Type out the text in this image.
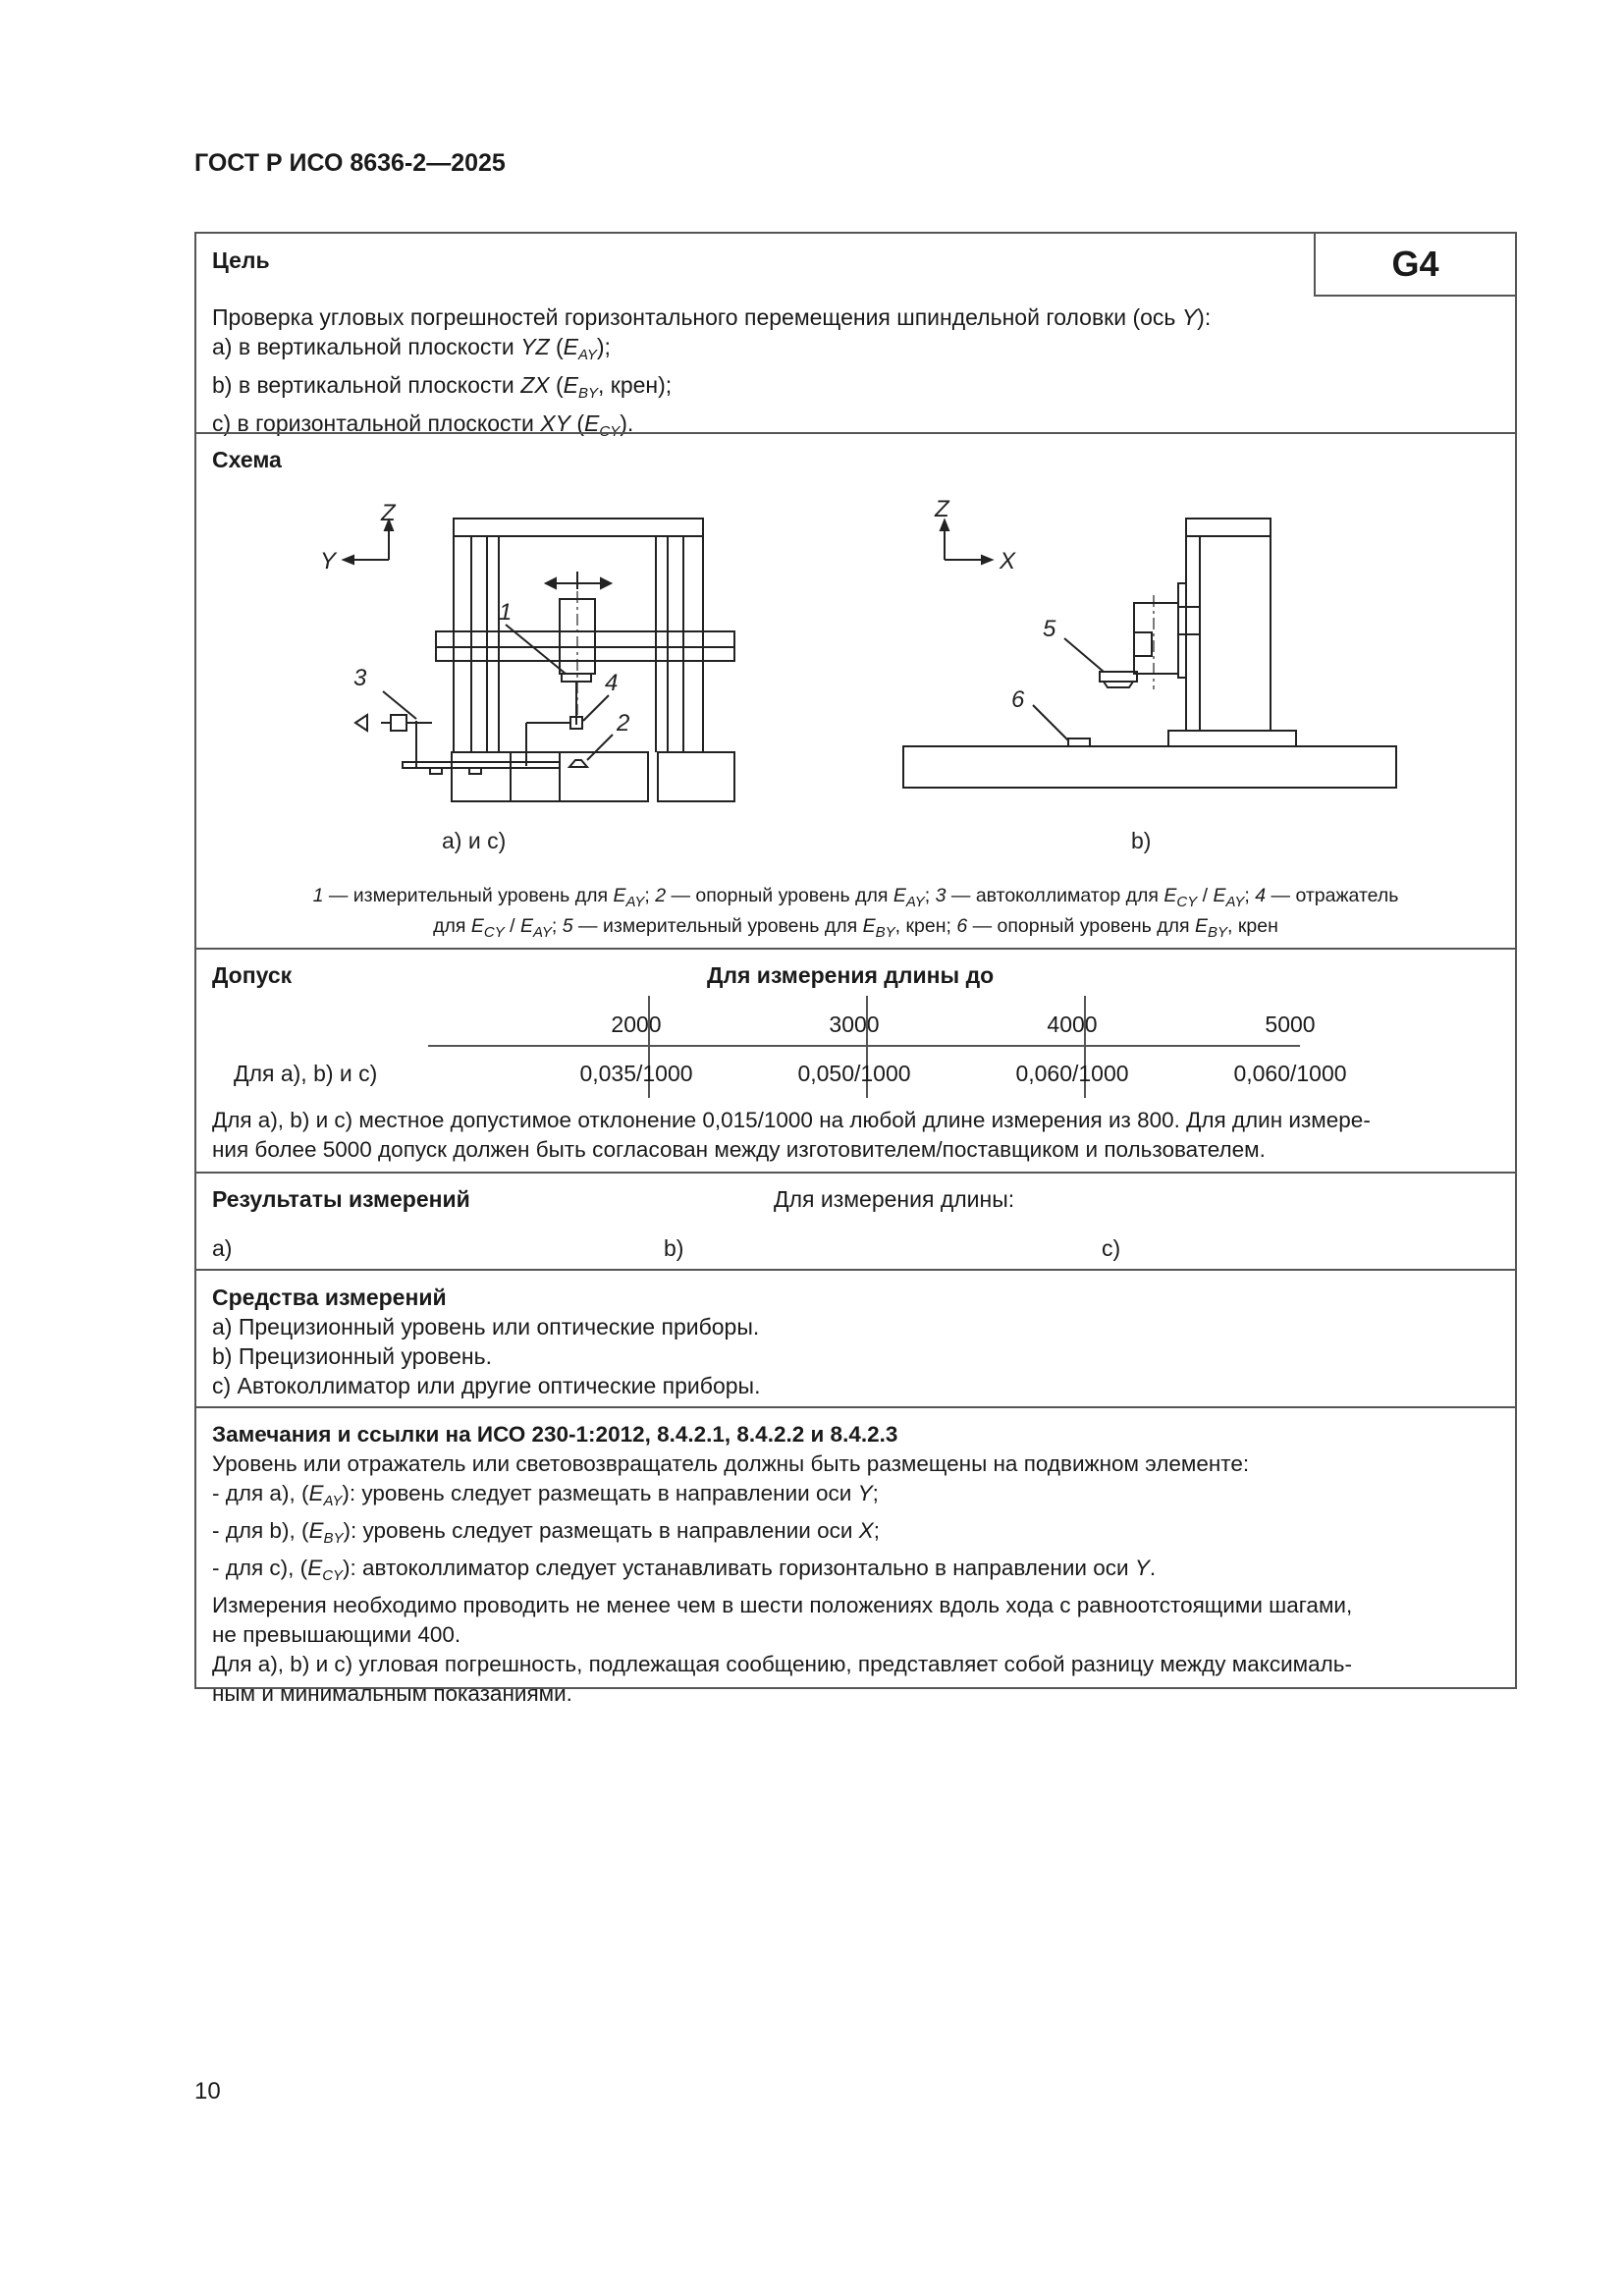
ГОСТ Р ИСО 8636-2—2025
Цель	G4
Проверка угловых погрешностей горизонтального перемещения шпиндельной головки (ось Y):
a) в вертикальной плоскости YZ $(E_{AY})$;
b) в вертикальной плоскости ZX ($E_{BY}$, крен);
c) в горизонтальной плоскости XY $(E_{CY})$.
Схема
Z
Y
Z
X
1
3	4
2
5
6
a) и c)	b)
1 — измерительный уровень для $E_{AY}$; 2 — опорный уровень для $E_{AY}$; 3 — автоколлиматор для $E_{CY} / E_{AY}$; 4 — отражатель
для $E_{CY} / E_{AY}$; 5 — измерительный уровень для $E_{BY}$, крен; 6 — опорный уровень для $E_{BY}$, крен
Допуск	Для измерения длины до
2000	3000	4000	5000
Для a), b) и c)	0,035/1000	0,050/1000	0,060/1000	0,060/1000
Для a), b) и c) местное допустимое отклонение 0,015/1000 на любой длине измерения из 800. Для длин измере-
ния более 5000 допуск должен быть согласован между изготовителем/поставщиком и пользователем.
Результаты измерений	Для измерения длины:
a)	b)	c)
Средства измерений
a) Прецизионный уровень или оптические приборы.
b) Прецизионный уровень.
c) Автоколлиматор или другие оптические приборы.
Замечания и ссылки на ИСО 230-1:2012, 8.4.2.1, 8.4.2.2 и 8.4.2.3
Уровень или отражатель или световозвращатель должны быть размещены на подвижном элементе:
- для a), $(E_{AY})$: уровень следует размещать в направлении оси Y;
- для b), $(E_{BY})$: уровень следует размещать в направлении оси X;
- для c), $(E_{CY})$: автоколлиматор следует устанавливать горизонтально в направлении оси Y.
Измерения необходимо проводить не менее чем в шести положениях вдоль хода с равноотстоящими шагами,
не превышающими 400.
Для a), b) и c) угловая погрешность, подлежащая сообщению, представляет собой разницу между максималь-
ным и минимальным показаниями.
10
